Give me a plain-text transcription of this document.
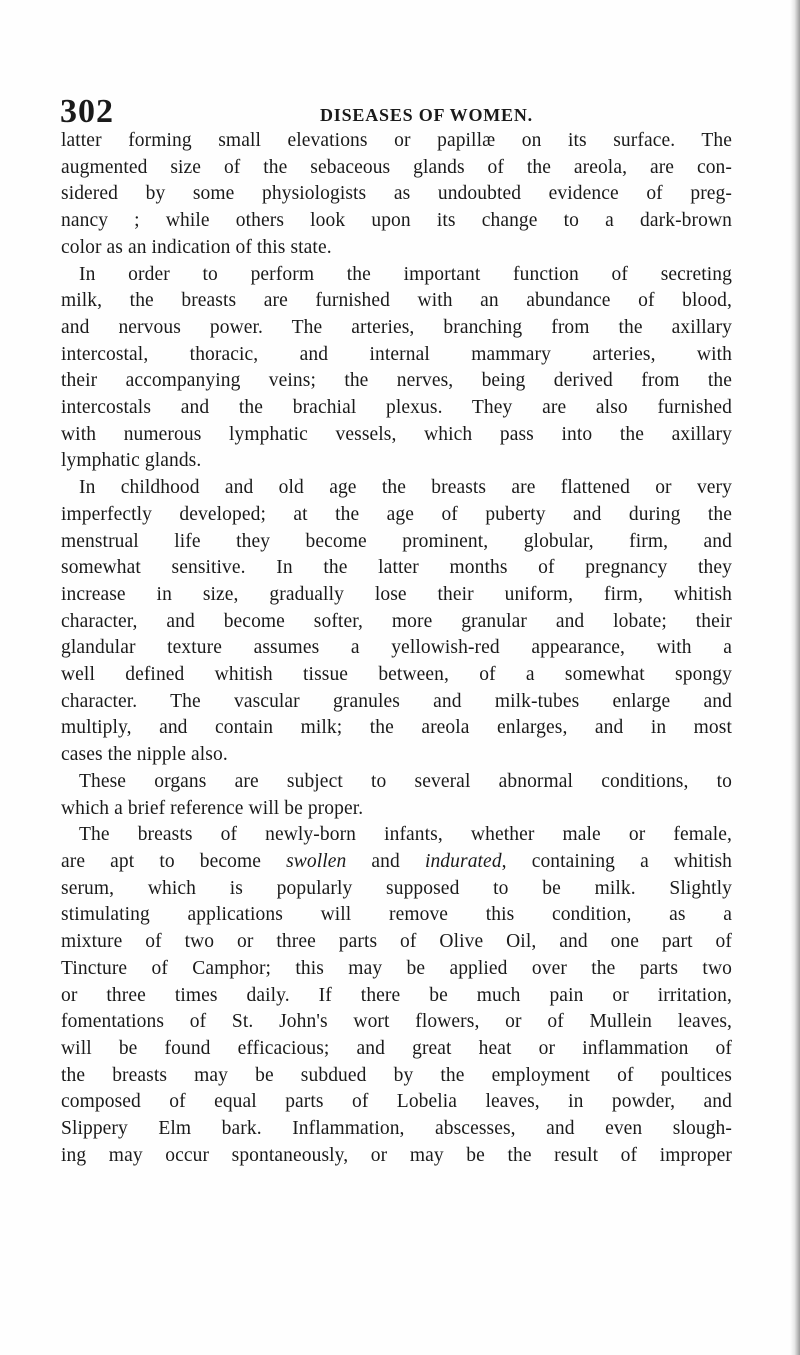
302	DISEASES OF WOMEN.

latter forming small elevations or papillæ on its surface. The
augmented size of the sebaceous glands of the areola, are con-
sidered by some physiologists as undoubted evidence of preg-
nancy ; while others look upon its change to a dark-brown
color as an indication of this state.

In order to perform the important function of secreting
milk, the breasts are furnished with an abundance of blood,
and nervous power. The arteries, branching from the axillary
intercostal, thoracic, and internal mammary arteries, with
their accompanying veins; the nerves, being derived from the
intercostals and the brachial plexus. They are also furnished
with numerous lymphatic vessels, which pass into the axillary
lymphatic glands.

In childhood and old age the breasts are flattened or very
imperfectly developed; at the age of puberty and during the
menstrual life they become prominent, globular, firm, and
somewhat sensitive. In the latter months of pregnancy they
increase in size, gradually lose their uniform, firm, whitish
character, and become softer, more granular and lobate; their
glandular texture assumes a yellowish-red appearance, with a
well defined whitish tissue between, of a somewhat spongy
character. The vascular granules and milk-tubes enlarge and
multiply, and contain milk; the areola enlarges, and in most
cases the nipple also.

These organs are subject to several abnormal conditions, to
which a brief reference will be proper.

The breasts of newly-born infants, whether male or female,
are apt to become swollen and indurated, containing a whitish
serum, which is popularly supposed to be milk. Slightly
stimulating applications will remove this condition, as a
mixture of two or three parts of Olive Oil, and one part of
Tincture of Camphor; this may be applied over the parts two
or three times daily. If there be much pain or irritation,
fomentations of St. John's wort flowers, or of Mullein leaves,
will be found efficacious; and great heat or inflammation of
the breasts may be subdued by the employment of poultices
composed of equal parts of Lobelia leaves, in powder, and
Slippery Elm bark. Inflammation, abscesses, and even slough-
ing may occur spontaneously, or may be the result of improper
